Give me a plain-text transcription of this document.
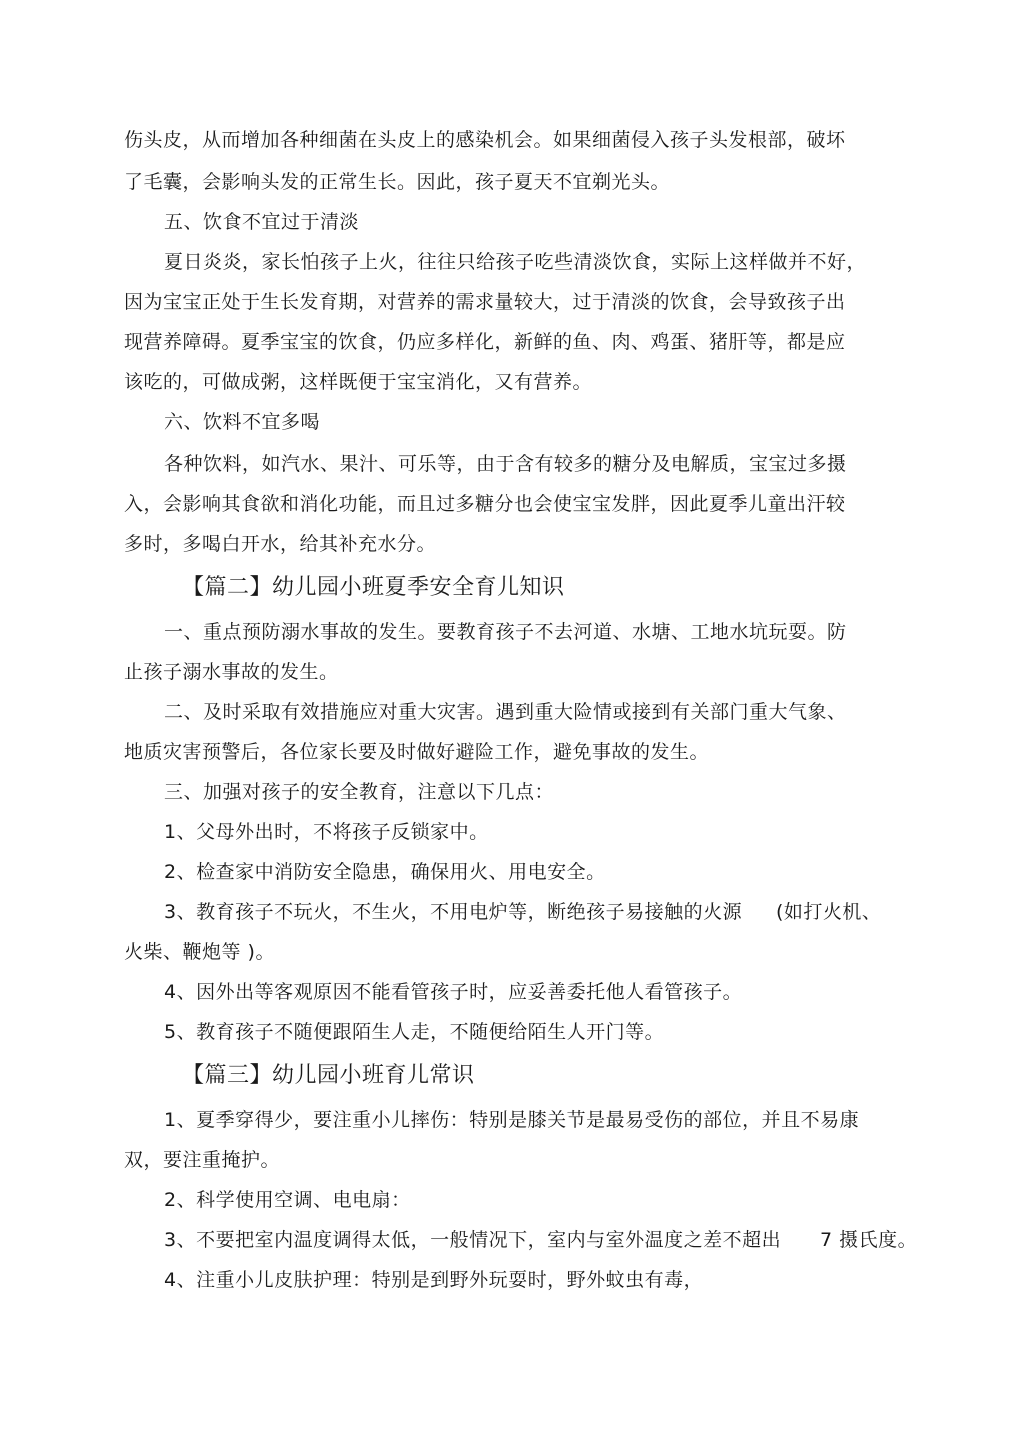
伤头皮，从而增加各种细菌在头皮上的感染机会。如果细菌侵入孩子头发根部，破坏
了毛囊，会影响头发的正常生长。因此，孩子夏天不宜剃光头。
五、饮食不宜过于清淡
夏日炎炎，家长怕孩子上火，往往只给孩子吃些清淡饮食，实际上这样做并不好，
因为宝宝正处于生长发育期，对营养的需求量较大，过于清淡的饮食，会导致孩子出
现营养障碍。夏季宝宝的饮食，仍应多样化，新鲜的鱼、肉、鸡蛋、猪肝等，都是应
该吃的，可做成粥，这样既便于宝宝消化，又有营养。
六、饮料不宜多喝
各种饮料，如汽水、果汁、可乐等，由于含有较多的糖分及电解质，宝宝过多摄
入，会影响其食欲和消化功能，而且过多糖分也会使宝宝发胖，因此夏季儿童出汗较
多时，多喝白开水，给其补充水分。
【篇二】幼儿园小班夏季安全育儿知识
一、重点预防溺水事故的发生。要教育孩子不去河道、水塘、工地水坑玩耍。防
止孩子溺水事故的发生。
二、及时采取有效措施应对重大灾害。遇到重大险情或接到有关部门重大气象、
地质灾害预警后，各位家长要及时做好避险工作，避免事故的发生。
三、加强对孩子的安全教育，注意以下几点：
1、父母外出时，不将孩子反锁家中。
2、检查家中消防安全隐患，确保用火、用电安全。
3、教育孩子不玩火，不生火，不用电炉等，断绝孩子易接触的火源 (如打火机、
火柴、鞭炮等 )。
4、因外出等客观原因不能看管孩子时，应妥善委托他人看管孩子。
5、教育孩子不随便跟陌生人走，不随便给陌生人开门等。
【篇三】幼儿园小班育儿常识
1、夏季穿得少，要注重小儿摔伤：特别是膝关节是最易受伤的部位，并且不易康
双，要注重掩护。
2、科学使用空调、电电扇：
3、不要把室内温度调得太低，一般情况下，室内与室外温度之差不超出 7 摄氏度。
4、注重小儿皮肤护理：特别是到野外玩耍时，野外蚊虫有毒，
